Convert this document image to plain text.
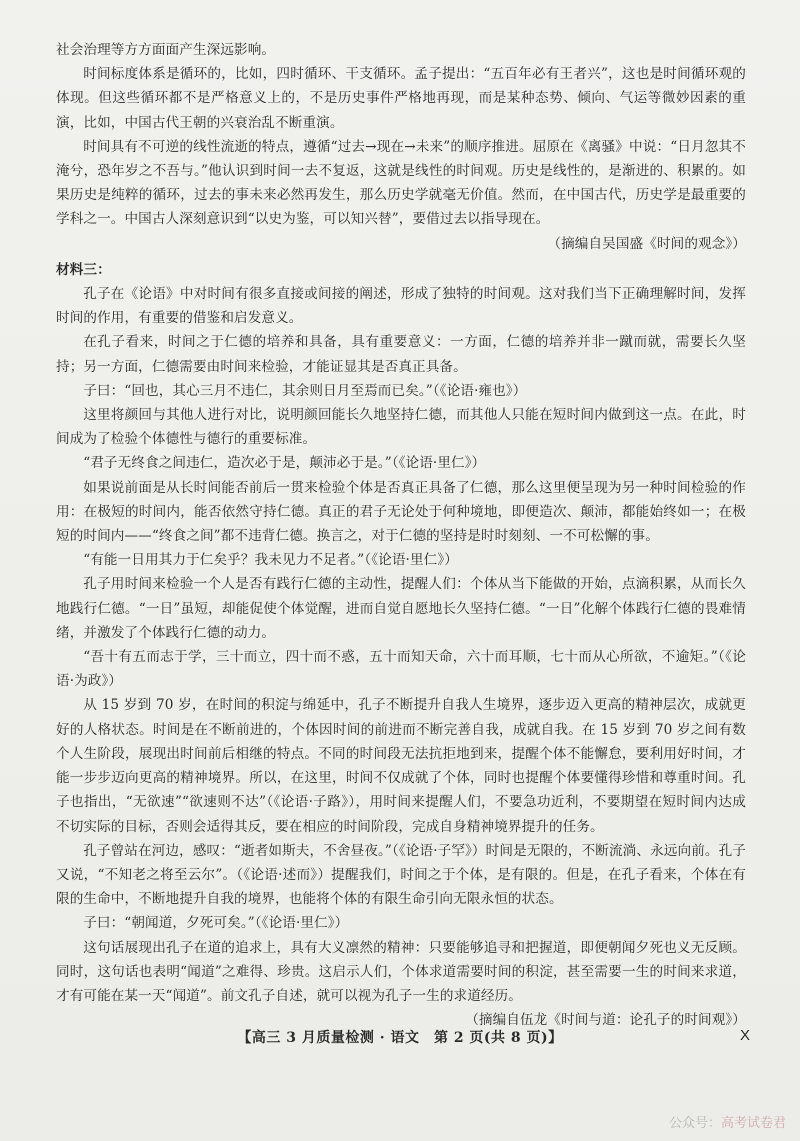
社会治理等方方面面产生深远影响。

时间标度体系是循环的，比如，四时循环、干支循环。孟子提出：“五百年必有王者兴”，这也是时间循环观的体现。但这些循环都不是严格意义上的，不是历史事件严格地再现，而是某种态势、倾向、气运等微妙因素的重演，比如，中国古代王朝的兴衰治乱不断重演。

时间具有不可逆的线性流逝的特点，遵循“过去→现在→未来”的顺序推进。屈原在《离骚》中说：“日月忽其不淹兮，恐年岁之不吾与。”他认识到时间一去不复返，这就是线性的时间观。历史是线性的，是渐进的、积累的。如果历史是纯粹的循环，过去的事未来必然再发生，那么历史学就毫无价值。然而，在中国古代，历史学是最重要的学科之一。中国古人深刻意识到“以史为鉴，可以知兴替”，要借过去以指导现在。

（摘编自吴国盛《时间的观念》）

材料三：

孔子在《论语》中对时间有很多直接或间接的阐述，形成了独特的时间观。这对我们当下正确理解时间，发挥时间的作用，有重要的借鉴和启发意义。

在孔子看来，时间之于仁德的培养和具备，具有重要意义：一方面，仁德的培养并非一蹴而就，需要长久坚持；另一方面，仁德需要由时间来检验，才能证显其是否真正具备。

子曰：“回也，其心三月不违仁，其余则日月至焉而已矣。”（《论语·雍也》）

这里将颜回与其他人进行对比，说明颜回能长久地坚持仁德，而其他人只能在短时间内做到这一点。在此，时间成为了检验个体德性与德行的重要标准。

“君子无终食之间违仁，造次必于是，颠沛必于是。”（《论语·里仁》）

如果说前面是从长时间能否前后一贯来检验个体是否真正具备了仁德，那么这里便呈现为另一种时间检验的作用：在极短的时间内，能否依然守持仁德。真正的君子无论处于何种境地，即便造次、颠沛，都能始终如一；在极短的时间内——“终食之间”都不违背仁德。换言之，对于仁德的坚持是时时刻刻、一不可松懈的事。

“有能一日用其力于仁矣乎？我未见力不足者。”（《论语·里仁》）

孔子用时间来检验一个人是否有践行仁德的主动性，提醒人们：个体从当下能做的开始，点滴积累，从而长久地践行仁德。“一日”虽短，却能促使个体觉醒，进而自觉自愿地长久坚持仁德。“一日”化解个体践行仁德的畏难情绪，并激发了个体践行仁德的动力。

“吾十有五而志于学，三十而立，四十而不惑，五十而知天命，六十而耳顺，七十而从心所欲，不逾矩。”（《论语·为政》）

从 15 岁到 70 岁，在时间的积淀与绵延中，孔子不断提升自我人生境界，逐步迈入更高的精神层次，成就更好的人格状态。时间是在不断前进的，个体因时间的前进而不断完善自我，成就自我。在 15 岁到 70 岁之间有数个人生阶段，展现出时间前后相继的特点。不同的时间段无法抗拒地到来，提醒个体不能懈怠，要利用好时间，才能一步步迈向更高的精神境界。所以，在这里，时间不仅成就了个体，同时也提醒个体要懂得珍惜和尊重时间。孔子也指出，“无欲速”“欲速则不达”（《论语·子路》），用时间来提醒人们，不要急功近利，不要期望在短时间内达成不切实际的目标，否则会适得其反，要在相应的时间阶段，完成自身精神境界提升的任务。

孔子曾站在河边，感叹：“逝者如斯夫，不舍昼夜。”（《论语·子罕》）时间是无限的，不断流淌、永远向前。孔子又说，“不知老之将至云尔”。（《论语·述而》）提醒我们，时间之于个体，是有限的。但是，在孔子看来，个体在有限的生命中，不断地提升自我的境界，也能将个体的有限生命引向无限永恒的状态。

子曰：“朝闻道，夕死可矣。”（《论语·里仁》）

这句话展现出孔子在道的追求上，具有大义凛然的精神：只要能够追寻和把握道，即便朝闻夕死也义无反顾。同时，这句话也表明“闻道”之难得、珍贵。这启示人们，个体求道需要时间的积淀，甚至需要一生的时间来求道，才有可能在某一天“闻道”。前文孔子自述，就可以视为孔子一生的求道经历。

（摘编自伍龙《时间与道：论孔子的时间观》）

【高三 3 月质量检测 · 语文　第 2 页(共 8 页)】	X
公众号：高考试卷君
